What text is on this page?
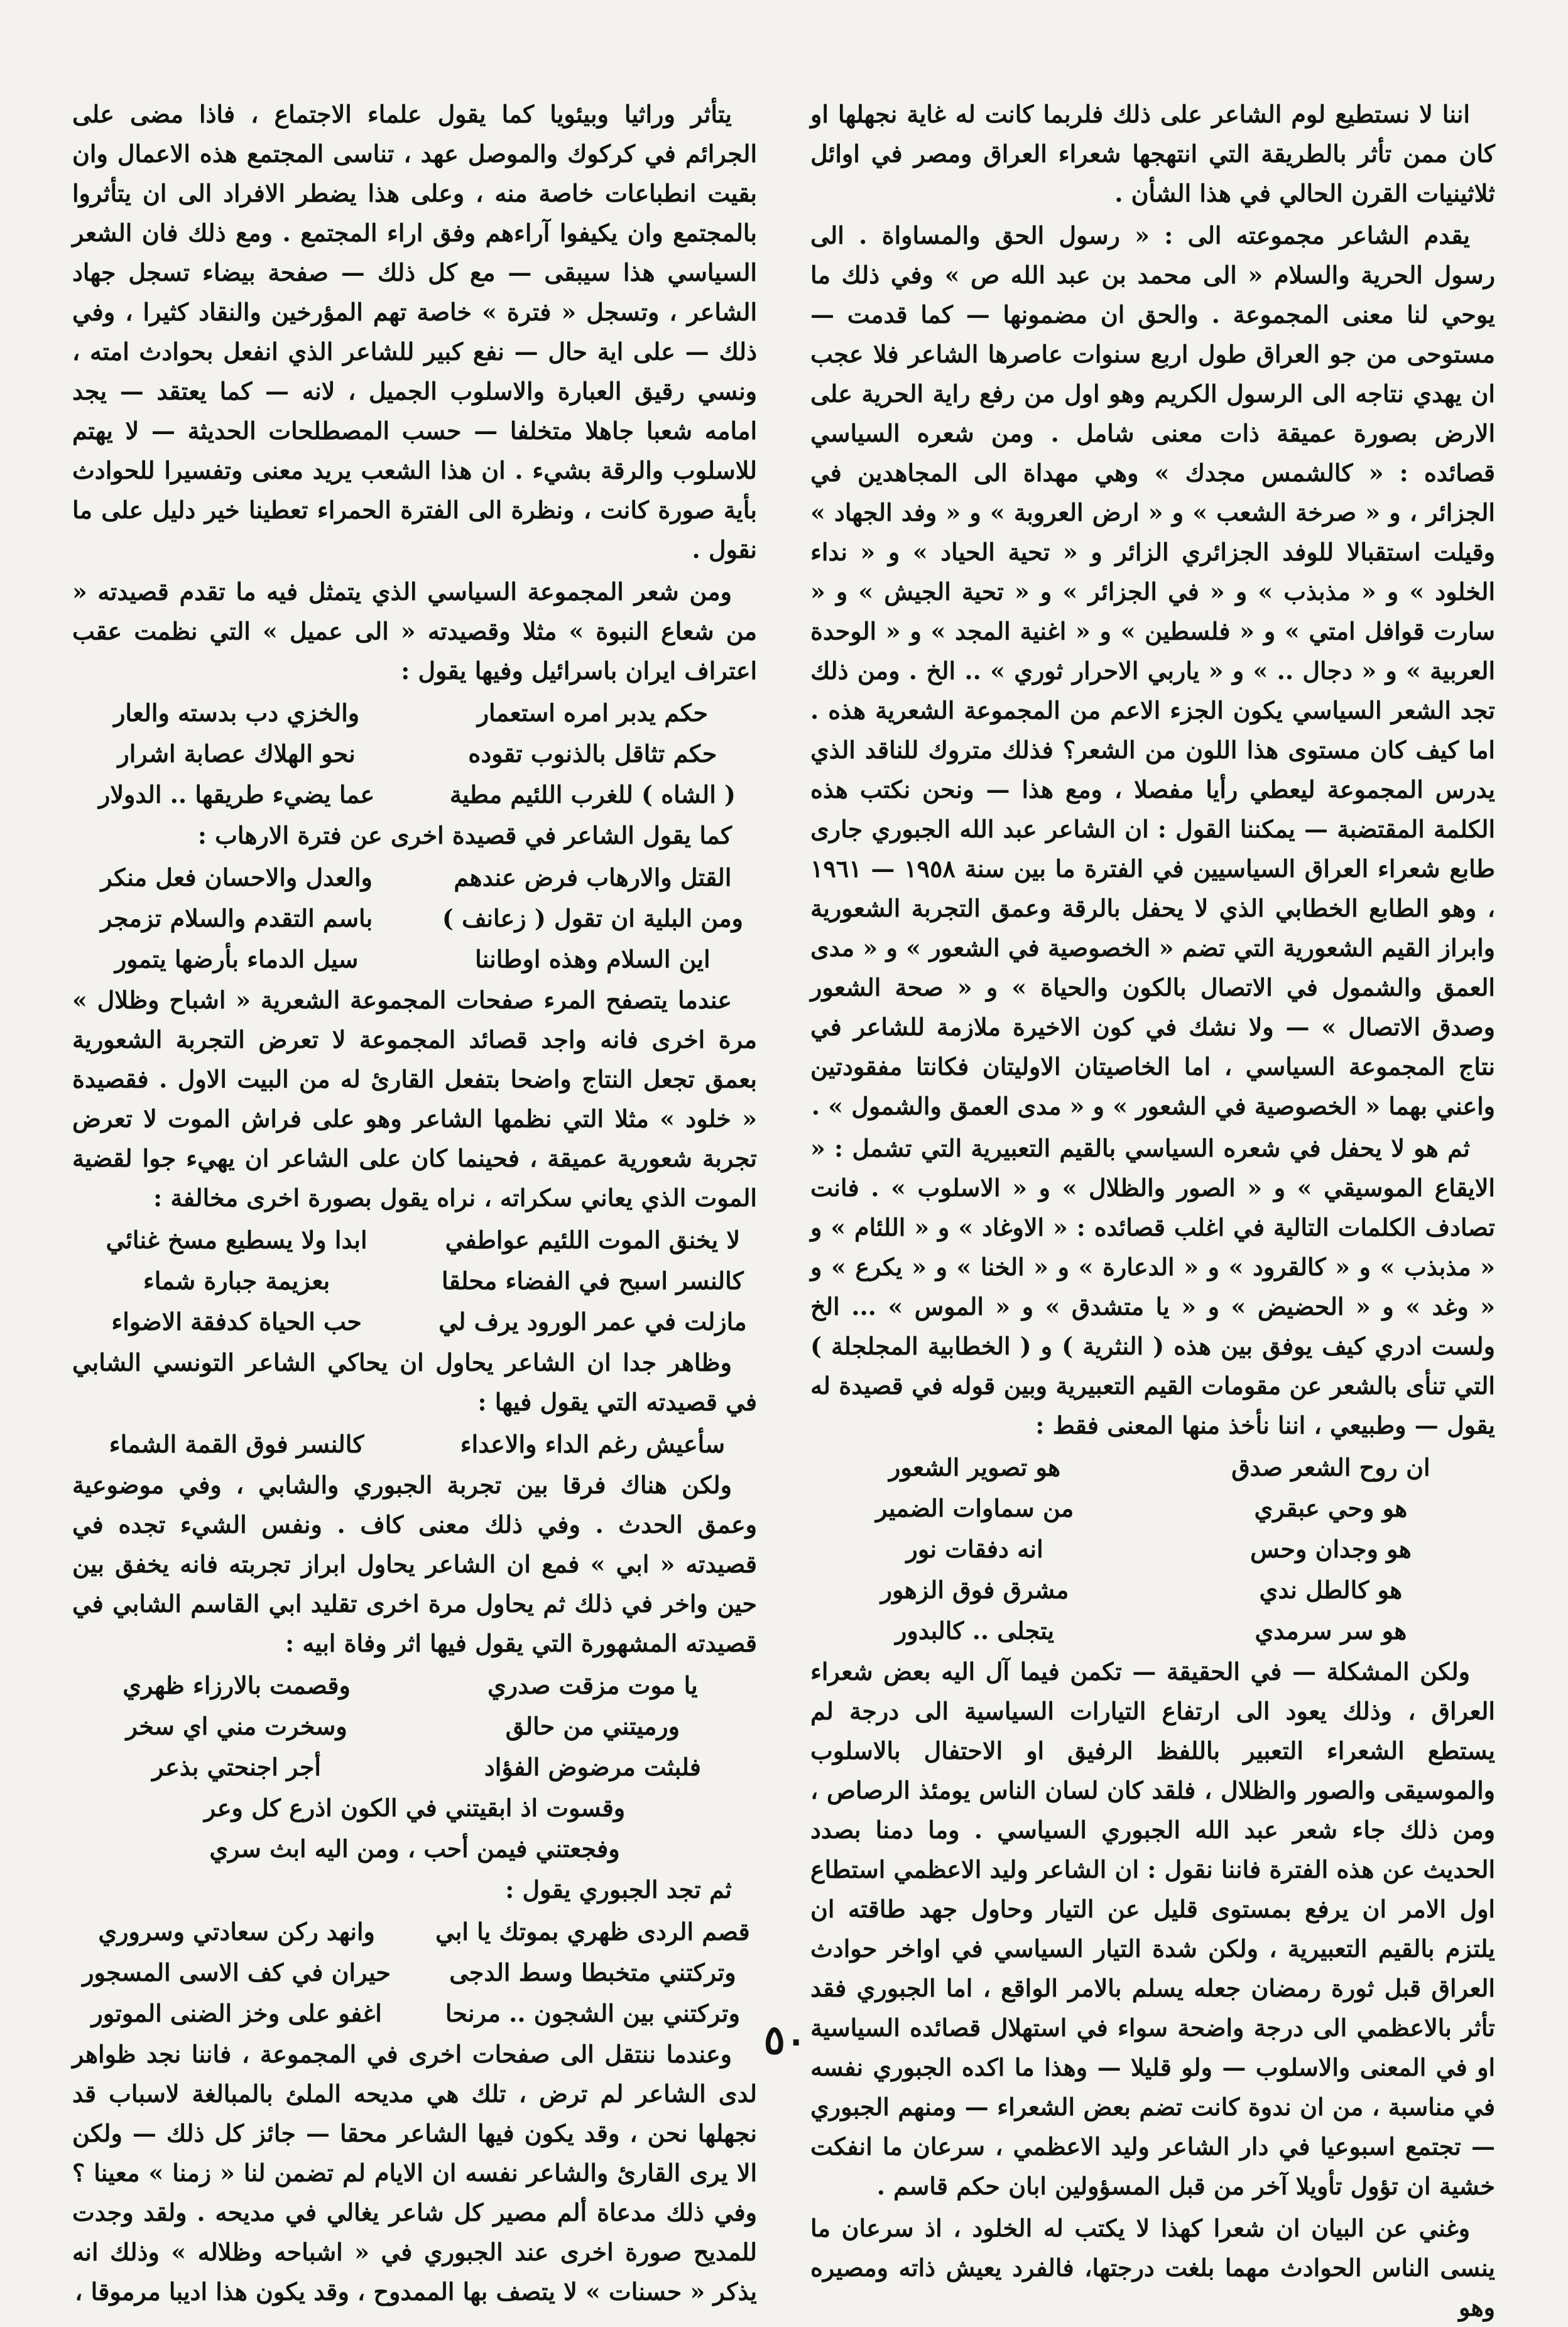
اننا لا نستطيع لوم الشاعر على ذلك فلربما كانت له غاية نجهلها او كان ممن تأثر بالطريقة التي انتهجها شعراء العراق ومصر في اوائل ثلاثينيات القرن الحالي في هذا الشأن .

يقدم الشاعر مجموعته الى : « رسول الحق والمساواة . الى رسول الحرية والسلام « الى محمد بن عبد الله ص » وفي ذلك ما يوحي لنا معنى المجموعة . والحق ان مضمونها — كما قدمت — مستوحى من جو العراق طول اربع سنوات عاصرها الشاعر فلا عجب ان يهدي نتاجه الى الرسول الكريم وهو اول من رفع راية الحرية على الارض بصورة عميقة ذات معنى شامل . ومن شعره السياسي قصائده : « كالشمس مجدك » وهي مهداة الى المجاهدين في الجزائر ، و « صرخة الشعب » و « ارض العروبة » و « وفد الجهاد » وقيلت استقبالا للوفد الجزائري الزائر و « تحية الحياد » و « نداء الخلود » و « مذبذب » و « في الجزائر » و « تحية الجيش » و « سارت قوافل امتي » و « فلسطين » و « اغنية المجد » و « الوحدة العربية » و « دجال .. » و « ياربي الاحرار ثوري » .. الخ . ومن ذلك تجد الشعر السياسي يكون الجزء الاعم من المجموعة الشعرية هذه . اما كيف كان مستوى هذا اللون من الشعر؟ فذلك متروك للناقد الذي يدرس المجموعة ليعطي رأيا مفصلا ، ومع هذا — ونحن نكتب هذه الكلمة المقتضبة — يمكننا القول : ان الشاعر عبد الله الجبوري جارى طابع شعراء العراق السياسيين في الفترة ما بين سنة ١٩٥٨ — ١٩٦١ ، وهو الطابع الخطابي الذي لا يحفل بالرقة وعمق التجربة الشعورية وابراز القيم الشعورية التي تضم « الخصوصية في الشعور » و « مدى العمق والشمول في الاتصال بالكون والحياة » و « صحة الشعور وصدق الاتصال » — ولا نشك في كون الاخيرة ملازمة للشاعر في نتاج المجموعة السياسي ، اما الخاصيتان الاوليتان فكانتا مفقودتين واعني بهما « الخصوصية في الشعور » و « مدى العمق والشمول » .

ثم هو لا يحفل في شعره السياسي بالقيم التعبيرية التي تشمل : « الايقاع الموسيقي » و « الصور والظلال » و « الاسلوب » . فانت تصادف الكلمات التالية في اغلب قصائده : « الاوغاد » و « اللئام » و « مذبذب » و « كالقرود » و « الدعارة » و « الخنا » و « يكرع » و « وغد » و « الحضيض » و « يا متشدق » و « الموس » ... الخ ولست ادري كيف يوفق بين هذه ( النثرية ) و ( الخطابية المجلجلة ) التي تنأى بالشعر عن مقومات القيم التعبيرية وبين قوله في قصيدة له يقول — وطبيعي ، اننا نأخذ منها المعنى فقط :

ان روح الشعر صدق
هو تصوير الشعور
هو وحي عبقري
من سماوات الضمير
هو وجدان وحس
انه دفقات نور
هو كالطل ندي
مشرق فوق الزهور
هو سر سرمدي
يتجلى .. كالبدور

ولكن المشكلة — في الحقيقة — تكمن فيما آل اليه بعض شعراء العراق ، وذلك يعود الى ارتفاع التيارات السياسية الى درجة لم يستطع الشعراء التعبير باللفظ الرفيق او الاحتفال بالاسلوب والموسيقى والصور والظلال ، فلقد كان لسان الناس يومئذ الرصاص ، ومن ذلك جاء شعر عبد الله الجبوري السياسي . وما دمنا بصدد الحديث عن هذه الفترة فاننا نقول : ان الشاعر وليد الاعظمي استطاع اول الامر ان يرفع بمستوى قليل عن التيار وحاول جهد طاقته ان يلتزم بالقيم التعبيرية ، ولكن شدة التيار السياسي في اواخر حوادث العراق قبل ثورة رمضان جعله يسلم بالامر الواقع ، اما الجبوري فقد تأثر بالاعظمي الى درجة واضحة سواء في استهلال قصائده السياسية او في المعنى والاسلوب — ولو قليلا — وهذا ما اكده الجبوري نفسه في مناسبة ، من ان ندوة كانت تضم بعض الشعراء — ومنهم الجبوري — تجتمع اسبوعيا في دار الشاعر وليد الاعظمي ، سرعان ما انفكت خشية ان تؤول تأويلا آخر من قبل المسؤولين ابان حكم قاسم .

وغني عن البيان ان شعرا كهذا لا يكتب له الخلود ، اذ سرعان ما ينسى الناس الحوادث مهما بلغت درجتها، فالفرد يعيش ذاته ومصيره وهو

يتأثر وراثيا وبيئويا كما يقول علماء الاجتماع ، فاذا مضى على الجرائم في كركوك والموصل عهد ، تناسى المجتمع هذه الاعمال وان بقيت انطباعات خاصة منه ، وعلى هذا يضطر الافراد الى ان يتأثروا بالمجتمع وان يكيفوا آراءهم وفق اراء المجتمع . ومع ذلك فان الشعر السياسي هذا سيبقى — مع كل ذلك — صفحة بيضاء تسجل جهاد الشاعر ، وتسجل « فترة » خاصة تهم المؤرخين والنقاد كثيرا ، وفي ذلك — على اية حال — نفع كبير للشاعر الذي انفعل بحوادث امته ، ونسي رقيق العبارة والاسلوب الجميل ، لانه — كما يعتقد — يجد امامه شعبا جاهلا متخلفا — حسب المصطلحات الحديثة — لا يهتم للاسلوب والرقة بشيء . ان هذا الشعب يريد معنى وتفسيرا للحوادث بأية صورة كانت ، ونظرة الى الفترة الحمراء تعطينا خير دليل على ما نقول .

ومن شعر المجموعة السياسي الذي يتمثل فيه ما تقدم قصيدته « من شعاع النبوة » مثلا وقصيدته « الى عميل » التي نظمت عقب اعتراف ايران باسرائيل وفيها يقول :

حكم يدبر امره استعمار
والخزي دب بدسته والعار
حكم تثاقل بالذنوب تقوده
نحو الهلاك عصابة اشرار
( الشاه ) للغرب اللئيم مطية
عما يضيء طريقها .. الدولار

كما يقول الشاعر في قصيدة اخرى عن فترة الارهاب :

القتل والارهاب فرض عندهم
والعدل والاحسان فعل منكر
ومن البلية ان تقول ( زعانف )
باسم التقدم والسلام تزمجر
اين السلام وهذه اوطاننا
سيل الدماء بأرضها يتمور

عندما يتصفح المرء صفحات المجموعة الشعرية « اشباح وظلال » مرة اخرى فانه واجد قصائد المجموعة لا تعرض التجربة الشعورية بعمق تجعل النتاج واضحا بتفعل القارئ له من البيت الاول . فقصيدة « خلود » مثلا التي نظمها الشاعر وهو على فراش الموت لا تعرض تجربة شعورية عميقة ، فحينما كان على الشاعر ان يهيء جوا لقضية الموت الذي يعاني سكراته ، نراه يقول بصورة اخرى مخالفة :

لا يخنق الموت اللئيم عواطفي
ابدا ولا يسطيع مسخ غنائي
كالنسر اسبح في الفضاء محلقا
بعزيمة جبارة شماء
مازلت في عمر الورود يرف لي
حب الحياة كدفقة الاضواء

وظاهر جدا ان الشاعر يحاول ان يحاكي الشاعر التونسي الشابي في قصيدته التي يقول فيها :

سأعيش رغم الداء والاعداء
كالنسر فوق القمة الشماء

ولكن هناك فرقا بين تجربة الجبوري والشابي ، وفي موضوعية وعمق الحدث . وفي ذلك معنى كاف . ونفس الشيء تجده في قصيدته « ابي » فمع ان الشاعر يحاول ابراز تجربته فانه يخفق بين حين واخر في ذلك ثم يحاول مرة اخرى تقليد ابي القاسم الشابي في قصيدته المشهورة التي يقول فيها اثر وفاة ابيه :

يا موت مزقت صدري
وقصمت بالارزاء ظهري
ورميتني من حالق
وسخرت مني اي سخر
فلبثت مرضوض الفؤاد
أجر اجنحتي بذعر
وقسوت اذ ابقيتني في الكون اذرع كل وعر
وفجعتني فيمن أحب ، ومن اليه ابث سري

ثم تجد الجبوري يقول :

قصم الردى ظهري بموتك يا ابي
وانهد ركن سعادتي وسروري
وتركتني متخبطا وسط الدجى
حيران في كف الاسى المسجور
وتركتني بين الشجون .. مرنحا
اغفو على وخز الضنى الموتور

وعندما ننتقل الى صفحات اخرى في المجموعة ، فاننا نجد ظواهر لدى الشاعر لم ترض ، تلك هي مديحه الملئ بالمبالغة لاسباب قد نجهلها نحن ، وقد يكون فيها الشاعر محقا — جائز كل ذلك — ولكن الا يرى القارئ والشاعر نفسه ان الايام لم تضمن لنا « زمنا » معينا ؟ وفي ذلك مدعاة ألم مصير كل شاعر يغالي في مديحه . ولقد وجدت للمديح صورة اخرى عند الجبوري في « اشباحه وظلاله » وذلك انه يذكر « حسنات » لا يتصف بها الممدوح ، وقد يكون هذا اديبا مرموقا ،

٥٠
